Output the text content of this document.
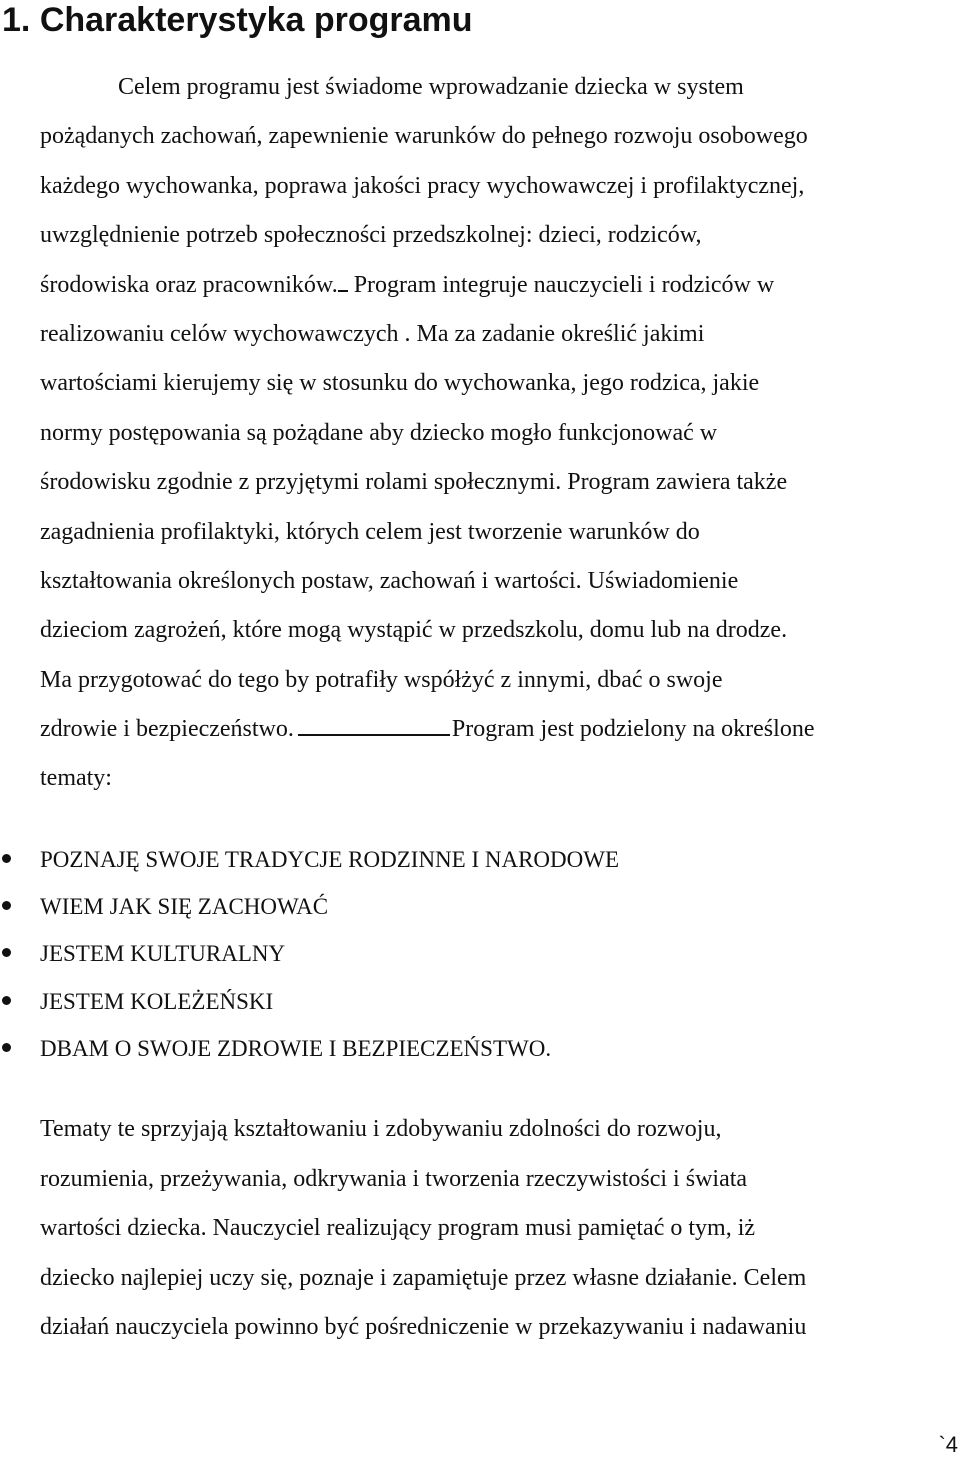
1. Charakterystyka programu
Celem programu jest świadome wprowadzanie dziecka w system
pożądanych zachowań, zapewnienie warunków do pełnego rozwoju osobowego
każdego wychowanka, poprawa jakości pracy wychowawczej i profilaktycznej,
uwzględnienie potrzeb społeczności przedszkolnej: dzieci, rodziców,
środowiska oraz pracowników. Program integruje nauczycieli i rodziców w
realizowaniu celów wychowawczych . Ma za zadanie określić jakimi
wartościami kierujemy się w stosunku do wychowanka, jego rodzica, jakie
normy postępowania są pożądane aby dziecko mogło funkcjonować w
środowisku zgodnie z przyjętymi rolami społecznymi. Program zawiera także
zagadnienia profilaktyki, których celem jest tworzenie warunków do
kształtowania określonych postaw, zachowań i wartości. Uświadomienie
dzieciom zagrożeń, które mogą wystąpić w przedszkolu, domu lub na drodze.
Ma przygotować do tego by potrafiły współżyć z innymi, dbać o swoje
zdrowie i bezpieczeństwo.	Program jest podzielony na określone
tematy:
POZNAJĘ SWOJE TRADYCJE RODZINNE I NARODOWE
WIEM JAK SIĘ ZACHOWAĆ
JESTEM KULTURALNY
JESTEM KOLEŻEŃSKI
DBAM O SWOJE ZDROWIE I BEZPIECZEŃSTWO.
Tematy te sprzyjają kształtowaniu i zdobywaniu zdolności do rozwoju,
rozumienia, przeżywania, odkrywania i tworzenia rzeczywistości i świata
wartości dziecka. Nauczyciel realizujący program musi pamiętać o tym, iż
dziecko najlepiej uczy się, poznaje i zapamiętuje przez własne działanie. Celem
działań nauczyciela powinno być pośredniczenie w przekazywaniu i nadawaniu
`4
